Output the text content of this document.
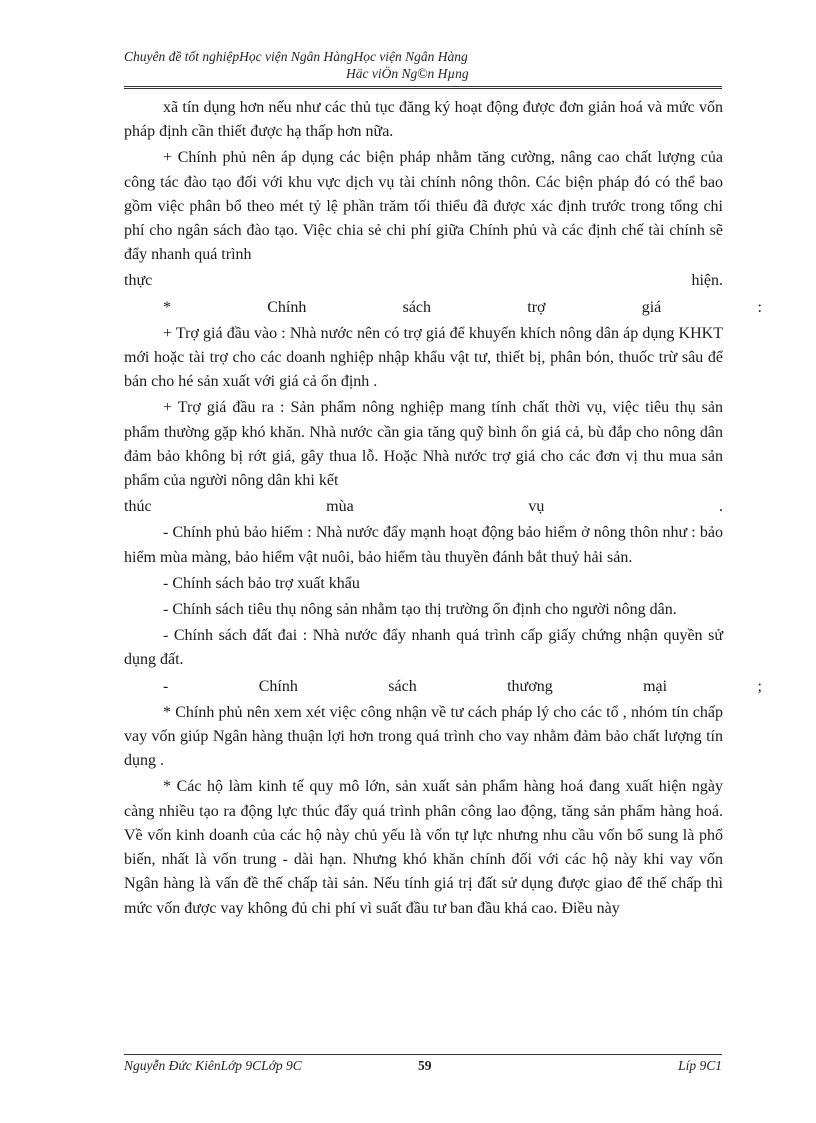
Chuyên đề tốt nghiệpHọc viện Ngân HàngHọc viện Ngân Hàng
Häc viÖn Ng©n Hµng

xã tín dụng hơn nếu như các thủ tục đăng ký hoạt động được đơn giản hoá và mức vốn pháp định cần thiết được hạ thấp hơn nữa.

+ Chính phủ nên áp dụng các biện pháp nhằm tăng cường, nâng cao chất lượng của công tác đào tạo đối với khu vực dịch vụ tài chính nông thôn. Các biện pháp đó có thể bao gồm việc phân bổ theo mét tỷ lệ phần trăm tối thiểu đã được xác định trước trong tổng chi phí cho ngân sách đào tạo. Việc chia sẻ chi phí giữa Chính phủ và các định chế tài chính sẽ đẩy nhanh quá trình

thực	hiện.
*	Chính	sách	trợ	giá	:

+ Trợ giá đầu vào : Nhà nước nên có trợ giá để khuyến khích nông dân áp dụng KHKT mới hoặc tài trợ cho các doanh nghiệp nhập khẩu vật tư, thiết bị, phân bón, thuốc trừ sâu để bán cho hé sản xuất với giá cả ổn định .

+ Trợ giá đầu ra : Sản phẩm nông nghiệp mang tính chất thời vụ, việc tiêu thụ sản phẩm thường gặp khó khăn. Nhà nước cần gia tăng quỹ bình ổn giá cả, bù đắp cho nông dân đảm bảo không bị rớt giá, gây thua lỗ. Hoặc Nhà nước trợ giá cho các đơn vị thu mua sản phẩm của người nông dân khi kết

thúc	mùa	vụ	.

- Chính phủ bảo hiểm : Nhà nước đẩy mạnh hoạt động bảo hiểm ở nông thôn như : bảo hiểm mùa màng, bảo hiểm vật nuôi, bảo hiểm tàu thuyền đánh bắt thuỷ hải sản.

- Chính sách bảo trợ xuất khẩu

- Chính sách tiêu thụ nông sản nhằm tạo thị trường ổn định cho người nông dân.

- Chính sách đất đai : Nhà nước đẩy nhanh quá trình cấp giấy chứng nhận quyền sử dụng đất.

-	Chính	sách	thương	mại	;

* Chính phủ nên xem xét việc công nhận về tư cách pháp lý cho các tổ , nhóm tín chấp vay vốn giúp Ngân hàng thuận lợi hơn trong quá trình cho vay nhằm đảm bảo chất lượng tín dụng .

* Các hộ làm kinh tế quy mô lớn, sản xuất sản phẩm hàng hoá đang xuất hiện ngày càng nhiều tạo ra động lực thúc đẩy quá trình phân công lao động, tăng sản phẩm hàng hoá. Về vốn kinh doanh của các hộ này chủ yếu là vốn tự lực nhưng nhu cầu vốn bổ sung là phổ biến, nhất là vốn trung - dài hạn. Nhưng khó khăn chính đối với các hộ này khi vay vốn Ngân hàng là vấn đề thế chấp tài sản. Nếu tính giá trị đất sử dụng được giao để thế chấp thì mức vốn được vay không đủ chi phí vì suất đầu tư ban đầu khá cao. Điều này

Nguyễn Đức KiênLớp 9CLớp 9C	59	Líp 9C1
